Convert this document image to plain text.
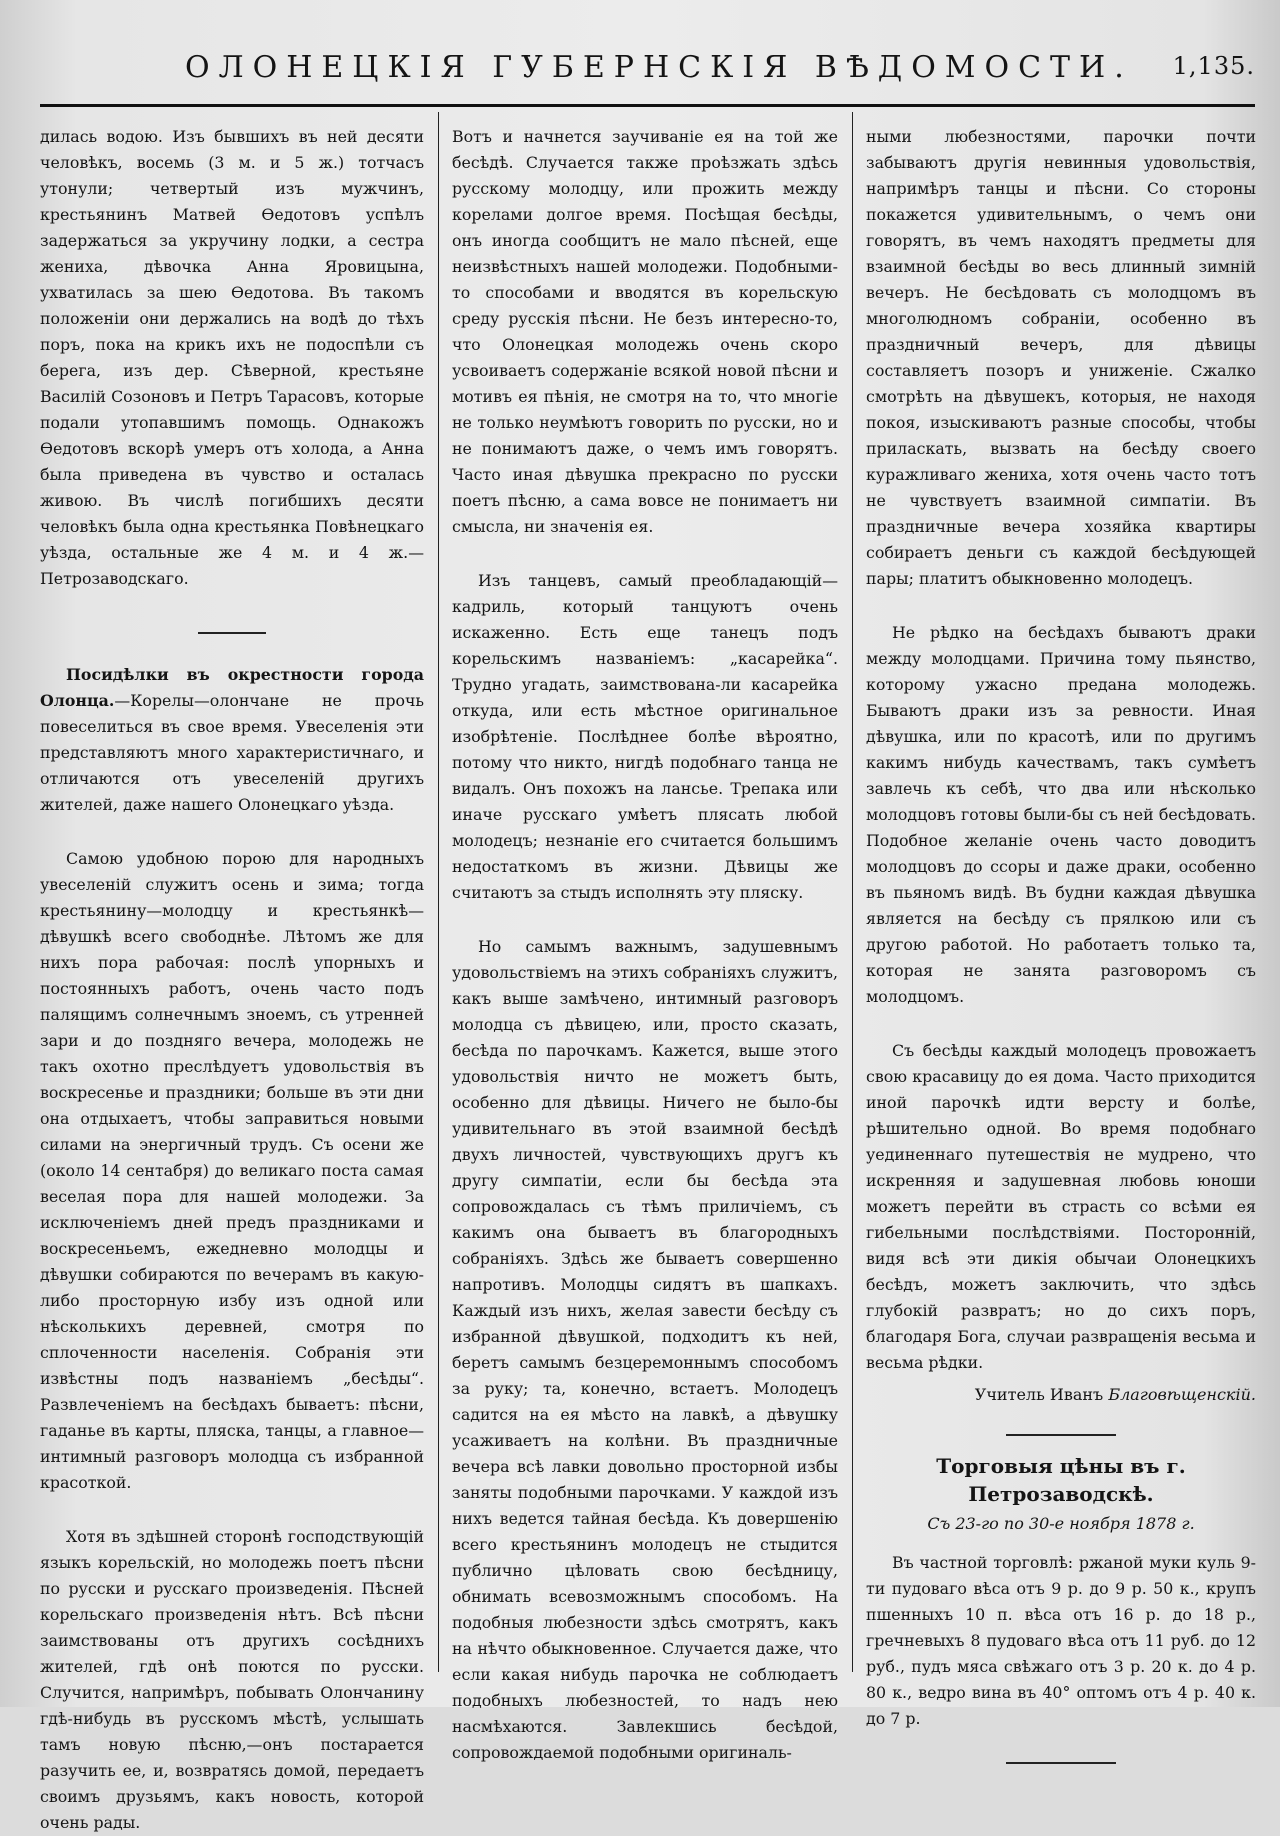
ОЛОНЕЦКІЯ ГУБЕРНСКІЯ ВѢДОМОСТИ. 1,135.

дилась водою. Изъ бывшихъ въ ней десяти человѣкъ, восемь (3 м. и 5 ж.) тотчасъ утонули; четвертый изъ мужчинъ, крестьянинъ Матвей Ѳедотовъ успѣлъ задержаться за укручину лодки, а сестра жениха, дѣвочка Анна Яровицына, ухватилась за шею Ѳедотова. Въ такомъ положеніи они держались на водѣ до тѣхъ поръ, пока на крикъ ихъ не подоспѣли съ берега, изъ дер. Сѣверной, крестьяне Василій Созоновъ и Петръ Тарасовъ, которые подали утопавшимъ помощь. Однакожъ Ѳедотовъ вскорѣ умеръ отъ холода, а Анна была приведена въ чувство и осталась живою. Въ числѣ погибшихъ десяти человѣкъ была одна крестьянка Повѣнецкаго уѣзда, остальные же 4 м. и 4 ж.— Петрозаводскаго.

Посидѣлки въ окрестности города Олонца.—Корелы—олончане не прочь повеселиться въ свое время. Увеселенія эти представляютъ много характеристичнаго, и отличаются отъ увеселеній другихъ жителей, даже нашего Олонецкаго уѣзда.

Самою удобною порою для народныхъ увеселеній служитъ осень и зима; тогда крестьянину—молодцу и крестьянкѣ—дѣвушкѣ всего свободнѣе. Лѣтомъ же для нихъ пора рабочая: послѣ упорныхъ и постоянныхъ работъ, очень часто подъ палящимъ солнечнымъ зноемъ, съ утренней зари и до поздняго вечера, молодежь не такъ охотно преслѣдуетъ удовольствія въ воскресенье и праздники; больше въ эти дни она отдыхаетъ, чтобы заправиться новыми силами на энергичный трудъ. Съ осени же (около 14 сентабря) до великаго поста самая веселая пора для нашей молодежи. За исключеніемъ дней предъ праздниками и воскресеньемъ, ежедневно молодцы и дѣвушки собираются по вечерамъ въ какую-либо просторную избу изъ одной или нѣсколькихъ деревней, смотря по сплоченности населенія. Собранія эти извѣстны подъ названіемъ „бесѣды“. Развлеченіемъ на бесѣдахъ бываетъ: пѣсни, гаданье въ карты, пляска, танцы, а главное—интимный разговоръ молодца съ избранной красоткой.

Хотя въ здѣшней сторонѣ господствующій языкъ корельскій, но молодежь поетъ пѣсни по русски и русскаго произведенія. Пѣсней корельскаго произведенія нѣтъ. Всѣ пѣсни заимствованы отъ другихъ сосѣднихъ жителей, гдѣ онѣ поются по русски. Случится, напримѣръ, побывать Олончанину гдѣ-нибудь въ русскомъ мѣстѣ, услышать тамъ новую пѣсню,—онъ постарается разучить ее, и, возвратясь домой, передаетъ своимъ друзьямъ, какъ новость, которой очень рады.

Вотъ и начнется заучиваніе ея на той же бесѣдѣ. Случается также проѣзжать здѣсь русскому молодцу, или прожить между корелами долгое время. Посѣщая бесѣды, онъ иногда сообщитъ не мало пѣсней, еще неизвѣстныхъ нашей молодежи. Подобными-то способами и вводятся въ корельскую среду русскія пѣсни. Не безъ интересно-то, что Олонецкая молодежь очень скоро усвоиваетъ содержаніе всякой новой пѣсни и мотивъ ея пѣнія, не смотря на то, что многіе не только неумѣютъ говорить по русски, но и не понимаютъ даже, о чемъ имъ говорятъ. Часто иная дѣвушка прекрасно по русски поетъ пѣсню, а сама вовсе не понимаетъ ни смысла, ни значенія ея.

Изъ танцевъ, самый преобладающій—кадриль, который танцуютъ очень искаженно. Есть еще танецъ подъ корельскимъ названіемъ: „касарейка“. Трудно угадать, заимствована-ли касарейка откуда, или есть мѣстное оригинальное изобрѣтеніе. Послѣднее болѣе вѣроятно, потому что никто, нигдѣ подобнаго танца не видалъ. Онъ похожъ на лансье. Трепака или иначе русскаго умѣетъ плясать любой молодецъ; незнаніе его считается большимъ недостаткомъ въ жизни. Дѣвицы же считаютъ за стыдъ исполнять эту пляску.

Но самымъ важнымъ, задушевнымъ удовольствіемъ на этихъ собраніяхъ служитъ, какъ выше замѣчено, интимный разговоръ молодца съ дѣвицею, или, просто сказать, бесѣда по парочкамъ. Кажется, выше этого удовольствія ничто не можетъ быть, особенно для дѣвицы. Ничего не было-бы удивительнаго въ этой взаимной бесѣдѣ двухъ личностей, чувствующихъ другъ къ другу симпатіи, если бы бесѣда эта сопровождалась съ тѣмъ приличіемъ, съ какимъ она бываетъ въ благородныхъ собраніяхъ. Здѣсь же бываетъ совершенно напротивъ. Молодцы сидятъ въ шапкахъ. Каждый изъ нихъ, желая завести бесѣду съ избранной дѣвушкой, подходитъ къ ней, беретъ самымъ безцеремоннымъ способомъ за руку; та, конечно, встаетъ. Молодецъ садится на ея мѣсто на лавкѣ, а дѣвушку усаживаетъ на колѣни. Въ праздничные вечера всѣ лавки довольно просторной избы заняты подобными парочками. У каждой изъ нихъ ведется тайная бесѣда. Къ довершенію всего крестьянинъ молодецъ не стыдится публично цѣловать свою бесѣдницу, обнимать всевозможнымъ способомъ. На подобныя любезности здѣсь смотрятъ, какъ на нѣчто обыкновенное. Случается даже, что если какая нибудь парочка не соблюдаетъ подобныхъ любезностей, то надъ нею насмѣхаются. Завлекшись бесѣдой, сопровождаемой подобными оригиналь-

ными любезностями, парочки почти забываютъ другія невинныя удовольствія, напримѣръ танцы и пѣсни. Со стороны покажется удивительнымъ, о чемъ они говорятъ, въ чемъ находятъ предметы для взаимной бесѣды во весь длинный зимній вечеръ. Не бесѣдовать съ молодцомъ въ многолюдномъ собраніи, особенно въ праздничный вечеръ, для дѣвицы составляетъ позоръ и униженіе. Сжалко смотрѣть на дѣвушекъ, которыя, не находя покоя, изыскиваютъ разные способы, чтобы приласкать, вызвать на бесѣду своего куражливаго жениха, хотя очень часто тотъ не чувствуетъ взаимной симпатіи. Въ праздничные вечера хозяйка квартиры собираетъ деньги съ каждой бесѣдующей пары; платитъ обыкновенно молодецъ.

Не рѣдко на бесѣдахъ бываютъ драки между молодцами. Причина тому пьянство, которому ужасно предана молодежь. Бываютъ драки изъ за ревности. Иная дѣвушка, или по красотѣ, или по другимъ какимъ нибудь качествамъ, такъ сумѣетъ завлечь къ себѣ, что два или нѣсколько молодцовъ готовы были-бы съ ней бесѣдовать. Подобное желаніе очень часто доводитъ молодцовъ до ссоры и даже драки, особенно въ пьяномъ видѣ. Въ будни каждая дѣвушка является на бесѣду съ прялкою или съ другою работой. Но работаетъ только та, которая не занята разговоромъ съ молодцомъ.

Съ бесѣды каждый молодецъ провожаетъ свою красавицу до ея дома. Часто приходится иной парочкѣ идти версту и болѣе, рѣшительно одной. Во время подобнаго уединеннаго путешествія не мудрено, что искренняя и задушевная любовь юноши можетъ перейти въ страсть со всѣми ея гибельными послѣдствіями. Посторонній, видя всѣ эти дикія обычаи Олонецкихъ бесѣдъ, можетъ заключить, что здѣсь глубокій развратъ; но до сихъ поръ, благодаря Бога, случаи развращенія весьма и весьма рѣдки.

Учитель Иванъ Благовѣщенскій.
Торговыя цѣны въ г. Петрозаводскѣ.
Съ 23-го по 30-е ноября 1878 г.

Въ частной торговлѣ: ржаной муки куль 9-ти пудоваго вѣса отъ 9 р. до 9 р. 50 к., крупъ пшенныхъ 10 п. вѣса отъ 16 р. до 18 р., гречневыхъ 8 пудоваго вѣса отъ 11 руб. до 12 руб., пудъ мяса свѣжаго отъ 3 р. 20 к. до 4 р. 80 к., ведро вина въ 40° оптомъ отъ 4 р. 40 к. до 7 р.
